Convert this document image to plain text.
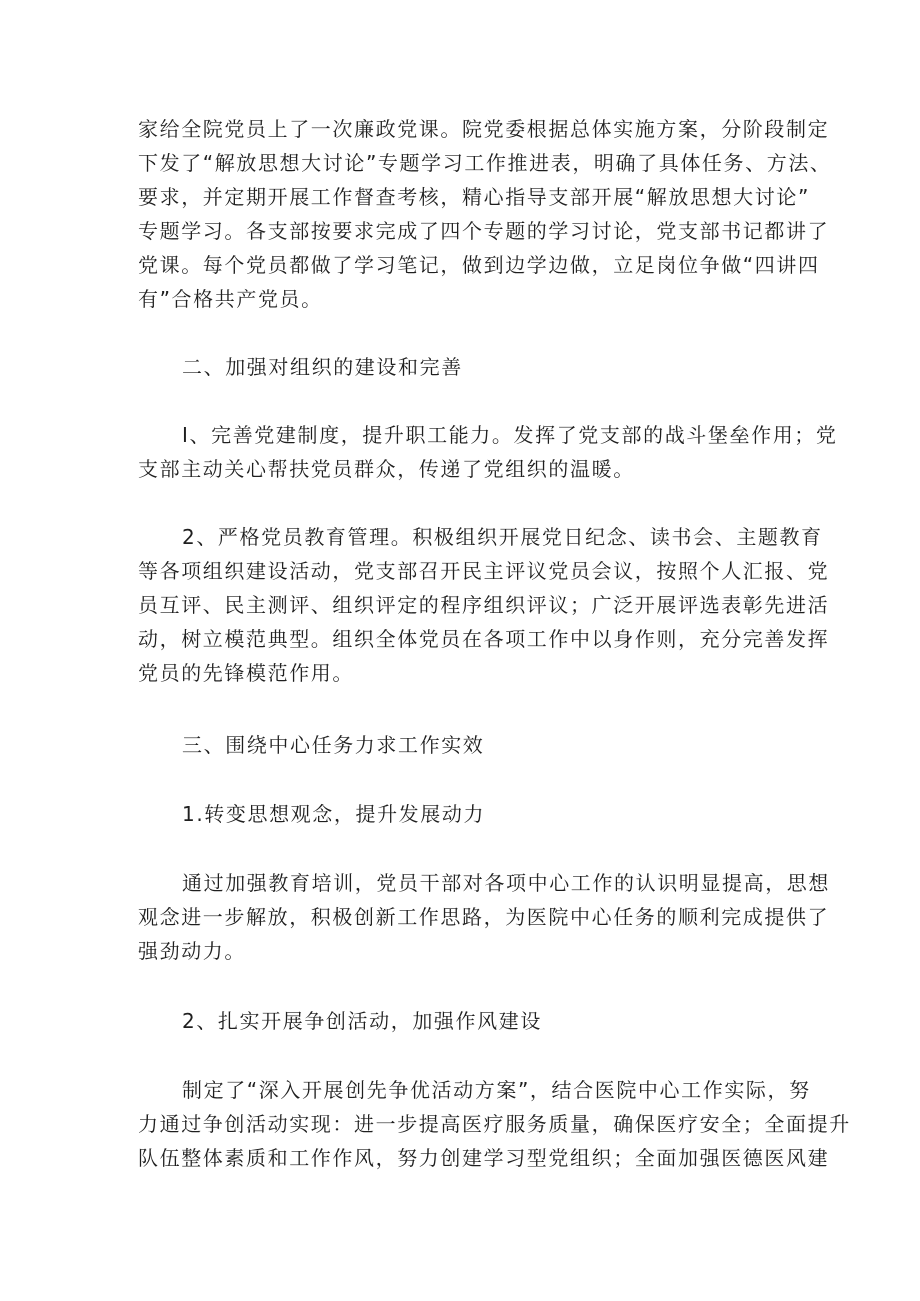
家给全院党员上了一次廉政党课。院党委根据总体实施方案，分阶段制定
下发了“解放思想大讨论”专题学习工作推进表，明确了具体任务、方法、
要求，并定期开展工作督查考核，精心指导支部开展“解放思想大讨论”
专题学习。各支部按要求完成了四个专题的学习讨论，党支部书记都讲了
党课。每个党员都做了学习笔记，做到边学边做，立足岗位争做“四讲四
有”合格共产党员。
二、加强对组织的建设和完善
I、完善党建制度，提升职工能力。发挥了党支部的战斗堡垒作用；党
支部主动关心帮扶党员群众，传递了党组织的温暖。
2、严格党员教育管理。积极组织开展党日纪念、读书会、主题教育
等各项组织建设活动，党支部召开民主评议党员会议，按照个人汇报、党
员互评、民主测评、组织评定的程序组织评议；广泛开展评选表彰先进活
动，树立模范典型。组织全体党员在各项工作中以身作则，充分完善发挥
党员的先锋模范作用。
三、围绕中心任务力求工作实效
1.转变思想观念，提升发展动力
通过加强教育培训，党员干部对各项中心工作的认识明显提高，思想
观念进一步解放，积极创新工作思路，为医院中心任务的顺利完成提供了
强劲动力。
2、扎实开展争创活动，加强作风建设
制定了“深入开展创先争优活动方案”，结合医院中心工作实际，努
力通过争创活动实现：进一步提高医疗服务质量，确保医疗安全；全面提升
队伍整体素质和工作作风，努力创建学习型党组织；全面加强医德医风建
